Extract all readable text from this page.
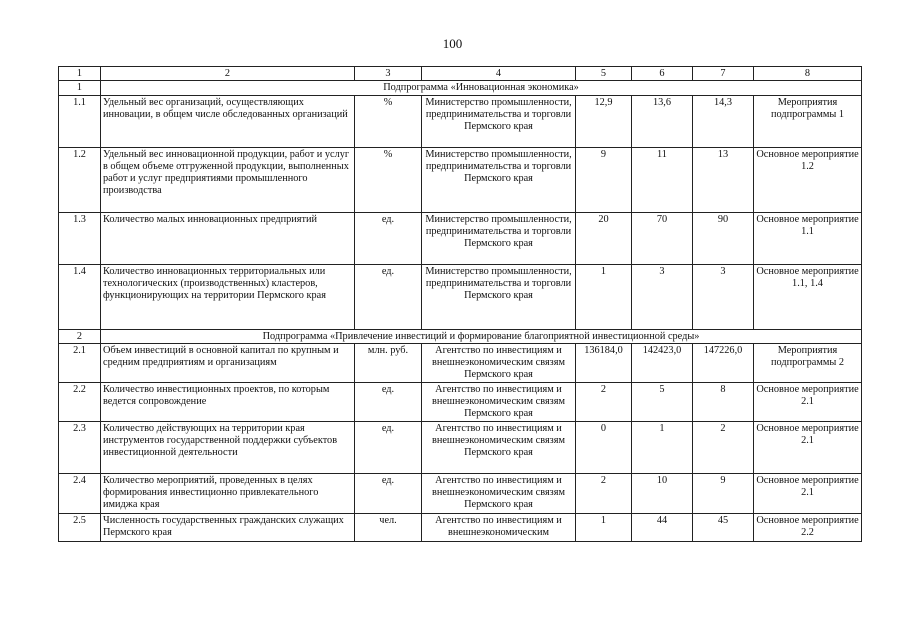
100
1	2	3	4	5	6	7	8
1	Подпрограмма «Инновационная экономика»						
1.1	Удельный вес организаций, осуществляющих инновации, в общем числе обследованных организаций	%	Министерство промышленности, предпринимательства и торговли Пермского края	12,9	13,6	14,3	Мероприятия подпрограммы 1
1.2	Удельный вес инновационной продукции, работ и услуг в общем объеме отгруженной продукции, выполненных работ и услуг предприятиями промышленного производства	%	Министерство промышленности, предпринимательства и торговли Пермского края	9	11	13	Основное мероприятие 1.2
1.3	Количество малых инновационных предприятий	ед.	Министерство промышленности, предпринимательства и торговли Пермского края	20	70	90	Основное мероприятие 1.1
1.4	Количество инновационных территориальных или технологических (производственных) кластеров, функционирующих на территории Пермского края	ед.	Министерство промышленности, предпринимательства и торговли Пермского края	1	3	3	Основное мероприятие 1.1, 1.4
2	Подпрограмма «Привлечение инвестиций и формирование благоприятной инвестиционной среды»						
2.1	Объем инвестиций в основной капитал по крупным и средним предприятиям и организациям	млн. руб.	Агентство по инвестициям и внешнеэкономическим связям Пермского края	136184,0	142423,0	147226,0	Мероприятия подпрограммы 2
2.2	Количество инвестиционных проектов, по которым ведется сопровождение	ед.	Агентство по инвестициям и внешнеэкономическим связям Пермского края	2	5	8	Основное мероприятие 2.1
2.3	Количество действующих на территории края инструментов государственной поддержки субъектов инвестиционной деятельности	ед.	Агентство по инвестициям и внешнеэкономическим связям Пермского края	0	1	2	Основное мероприятие 2.1
2.4	Количество мероприятий, проведенных в целях формирования инвестиционно привлекательного имиджа края	ед.	Агентство по инвестициям и внешнеэкономическим связям Пермского края	2	10	9	Основное мероприятие 2.1
2.5	Численность государственных гражданских служащих Пермского края	чел.	Агентство по инвестициям и внешнеэкономическим	1	44	45	Основное мероприятие 2.2
